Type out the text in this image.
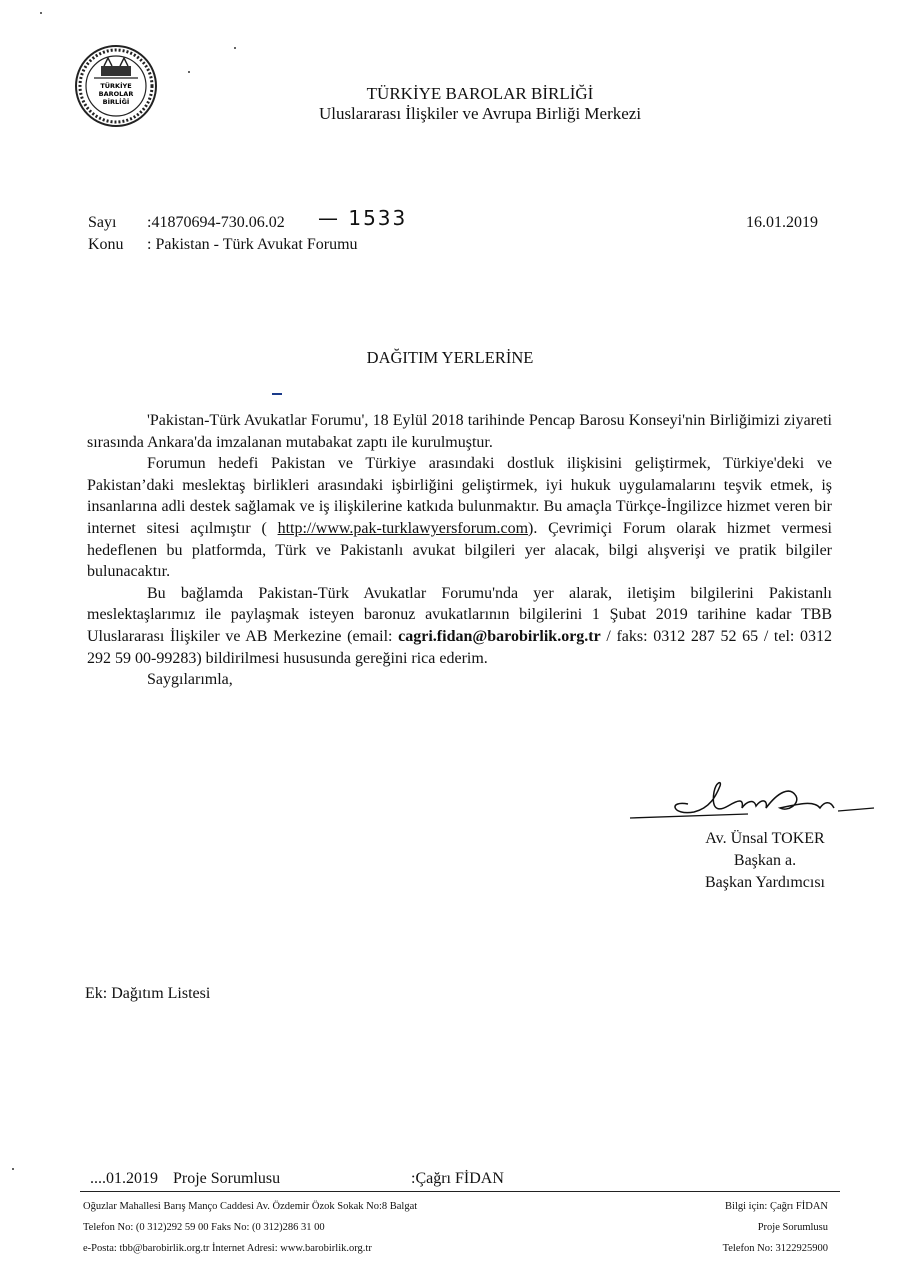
TÜRKİYE
BAROLAR
BİRLİĞİ	TÜRKİYE BAROLAR BİRLİĞİ
Uluslararası İlişkiler ve Avrupa Birliği Merkezi
Sayı :41870694-730.06.02 — 1533
Konu : Pakistan - Türk Avukat Forumu
16.01.2019
DAĞITIM YERLERİNE

'Pakistan-Türk Avukatlar Forumu', 18 Eylül 2018 tarihinde Pencap Barosu Konseyi'nin Birliğimizi ziyareti sırasında Ankara'da imzalanan mutabakat zaptı ile kurulmuştur.

Forumun hedefi Pakistan ve Türkiye arasındaki dostluk ilişkisini geliştirmek, Türkiye'deki ve Pakistan’daki meslektaş birlikleri arasındaki işbirliğini geliştirmek, iyi hukuk uygulamalarını teşvik etmek, iş insanlarına adli destek sağlamak ve iş ilişkilerine katkıda bulunmaktır. Bu amaçla Türkçe-İngilizce hizmet veren bir internet sitesi açılmıştır ( http://www.pak-turklawyersforum.com). Çevrimiçi Forum olarak hizmet vermesi hedeflenen bu platformda, Türk ve Pakistanlı avukat bilgileri yer alacak, bilgi alışverişi ve pratik bilgiler bulunacaktır.

Bu bağlamda Pakistan-Türk Avukatlar Forumu'nda yer alarak, iletişim bilgilerini Pakistanlı meslektaşlarımız ile paylaşmak isteyen baronuz avukatlarının bilgilerini 1 Şubat 2019 tarihine kadar TBB Uluslararası İlişkiler ve AB Merkezine (email: cagri.fidan@barobirlik.org.tr / faks: 0312 287 52 65 / tel: 0312 292 59 00-99283) bildirilmesi hususunda gereğini rica ederim.

Saygılarımla,

Av. Ünsal TOKER
Başkan a.
Başkan Yardımcısı
Ek: Dağıtım Listesi
....01.2019 Proje Sorumlusu	:Çağrı FİDAN
Oğuzlar Mahallesi Barış Manço Caddesi Av. Özdemir Özok Sokak No:8 Balgat
Telefon No: (0 312)292 59 00 Faks No: (0 312)286 31 00
e-Posta: tbb@barobirlik.org.tr İnternet Adresi: www.barobirlik.org.tr
Bilgi için: Çağrı FİDAN
Proje Sorumlusu
Telefon No: 3122925900
